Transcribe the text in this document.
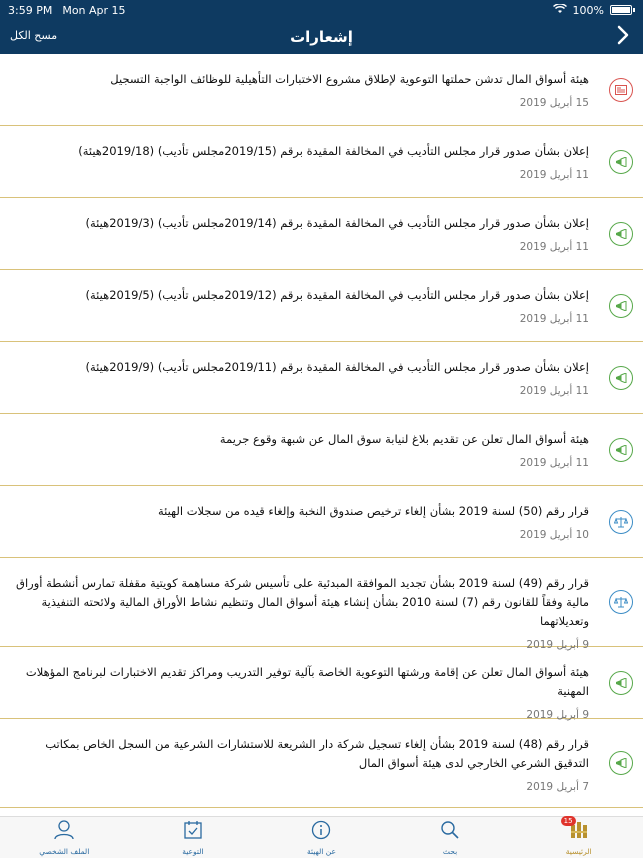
3:59 PM Mon Apr 15	100%
مسح الكل	إشعارات
هيئة أسواق المال تدشن حملتها التوعوية لإطلاق مشروع الاختبارات التأهيلية للوظائف الواجبة التسجيل
15 أبريل 2019
إعلان بشأن صدور قرار مجلس التأديب في المخالفة المقيدة برقم (2019/15مجلس تأديب) (2019/18هيئة)
11 أبريل 2019
إعلان بشأن صدور قرار مجلس التأديب في المخالفة المقيدة برقم (2019/14مجلس تأديب) (2019/3هيئة)
11 أبريل 2019
إعلان بشأن صدور قرار مجلس التأديب في المخالفة المقيدة برقم (2019/12مجلس تأديب) (2019/5هيئة)
11 أبريل 2019
إعلان بشأن صدور قرار مجلس التأديب في المخالفة المقيدة برقم (2019/11مجلس تأديب) (2019/9هيئة)
11 أبريل 2019
هيئة أسواق المال تعلن عن تقديم بلاغ لنيابة سوق المال عن شبهة وقوع جريمة
11 أبريل 2019
قرار رقم (50) لسنة 2019 بشأن إلغاء ترخيص صندوق النخبة وإلغاء قيده من سجلات الهيئة
10 أبريل 2019
قرار رقم (49) لسنة 2019 بشأن تجديد الموافقة المبدئية على تأسيس شركة مساهمة كويتية مقفلة تمارس أنشطة أوراق مالية وفقاً للقانون رقم (7) لسنة 2010 بشأن إنشاء هيئة أسواق المال وتنظيم نشاط الأوراق المالية ولائحته التنفيذية وتعديلاتهما
9 أبريل 2019
هيئة أسواق المال تعلن عن إقامة ورشتها التوعوية الخاصة بآلية توفير التدريب ومراكز تقديم الاختبارات لبرنامج المؤهلات المهنية
9 أبريل 2019
قرار رقم (48) لسنة 2019 بشأن إلغاء تسجيل شركة دار الشريعة للاستشارات الشرعية من السجل الخاص بمكاتب التدقيق الشرعي الخارجي لدى هيئة أسواق المال
7 أبريل 2019
الملف الشخصي	التوعية	عن الهيئة	بحث
15
الرئيسية
